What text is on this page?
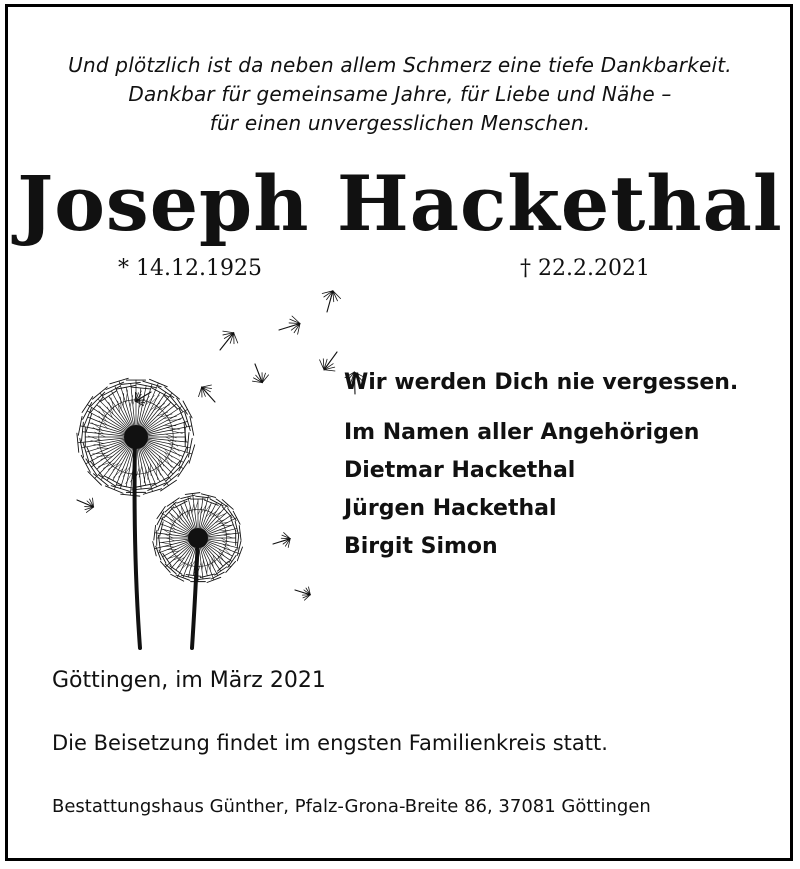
Und plötzlich ist da neben allem Schmerz eine tiefe Dankbarkeit.
Dankbar für gemeinsame Jahre, für Liebe und Nähe –
für einen unvergesslichen Menschen.
Joseph Hackethal
* 14.12.1925	† 22.2.2021
Wir werden Dich nie vergessen.
Im Namen aller Angehörigen
Dietmar Hackethal
Jürgen Hackethal
Birgit Simon
Göttingen, im März 2021
Die Beisetzung findet im engsten Familienkreis statt.
Bestattungshaus Günther, Pfalz-Grona-Breite 86, 37081 Göttingen
